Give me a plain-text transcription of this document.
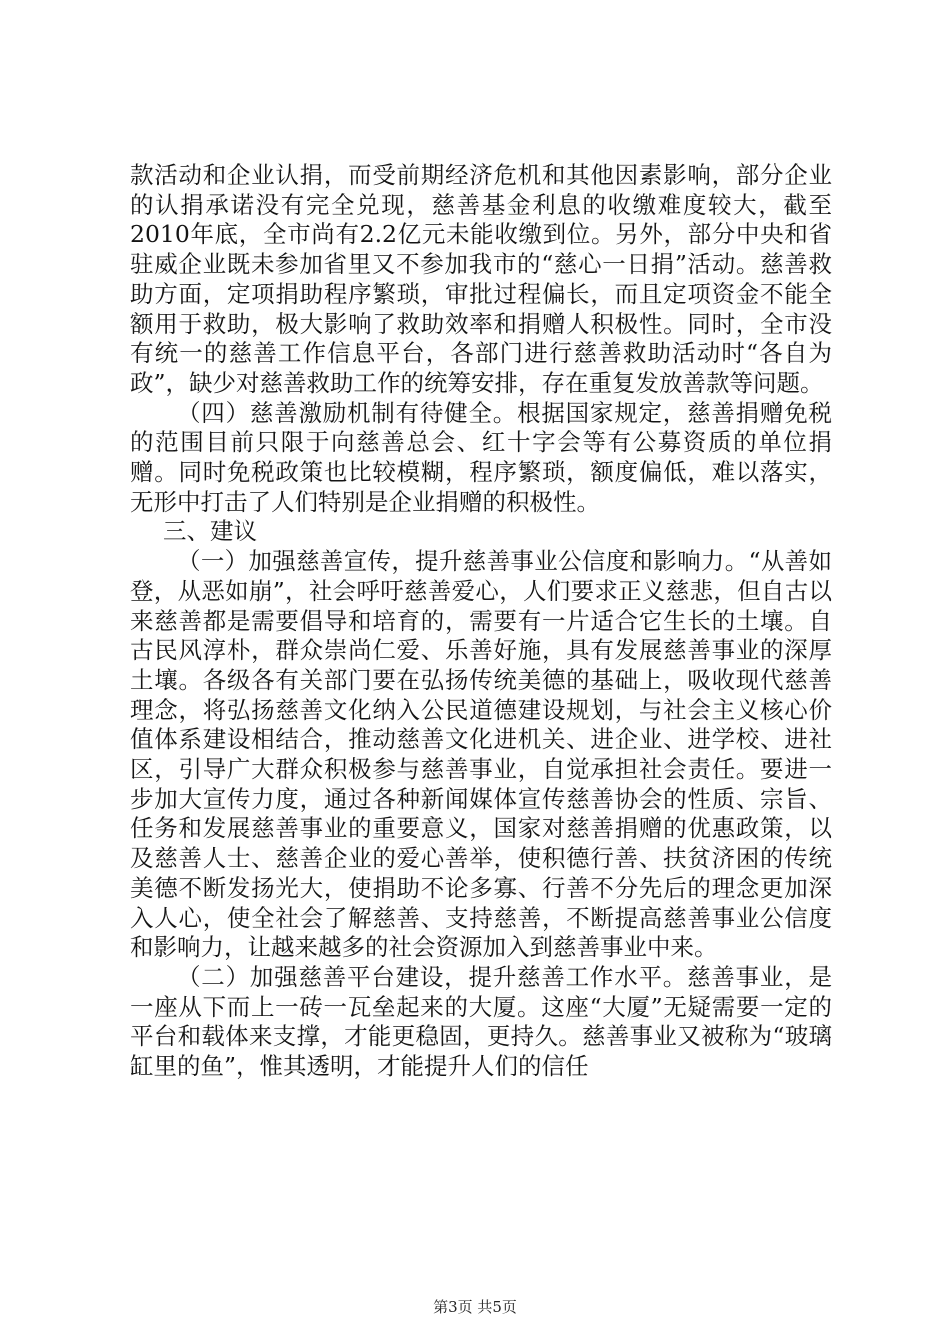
款活动和企业认捐，而受前期经济危机和其他因素影响，部分企业的认捐承诺没有完全兑现，慈善基金利息的收缴难度较大，截至2010年底，全市尚有2.2亿元未能收缴到位。另外，部分中央和省驻威企业既未参加省里又不参加我市的“慈心一日捐”活动。慈善救助方面，定项捐助程序繁琐，审批过程偏长，而且定项资金不能全额用于救助，极大影响了救助效率和捐赠人积极性。同时，全市没有统一的慈善工作信息平台，各部门进行慈善救助活动时“各自为政”，缺少对慈善救助工作的统筹安排，存在重复发放善款等问题。

（四）慈善激励机制有待健全。根据国家规定，慈善捐赠免税的范围目前只限于向慈善总会、红十字会等有公募资质的单位捐赠。同时免税政策也比较模糊，程序繁琐，额度偏低，难以落实，无形中打击了人们特别是企业捐赠的积极性。

三、建议

（一）加强慈善宣传，提升慈善事业公信度和影响力。“从善如登，从恶如崩”，社会呼吁慈善爱心，人们要求正义慈悲，但自古以来慈善都是需要倡导和培育的，需要有一片适合它生长的土壤。自古民风淳朴，群众崇尚仁爱、乐善好施，具有发展慈善事业的深厚土壤。各级各有关部门要在弘扬传统美德的基础上，吸收现代慈善理念，将弘扬慈善文化纳入公民道德建设规划，与社会主义核心价值体系建设相结合，推动慈善文化进机关、进企业、进学校、进社区，引导广大群众积极参与慈善事业，自觉承担社会责任。要进一步加大宣传力度，通过各种新闻媒体宣传慈善协会的性质、宗旨、任务和发展慈善事业的重要意义，国家对慈善捐赠的优惠政策，以及慈善人士、慈善企业的爱心善举，使积德行善、扶贫济困的传统美德不断发扬光大，使捐助不论多寡、行善不分先后的理念更加深入人心，使全社会了解慈善、支持慈善，不断提高慈善事业公信度和影响力，让越来越多的社会资源加入到慈善事业中来。

（二）加强慈善平台建设，提升慈善工作水平。慈善事业，是一座从下而上一砖一瓦垒起来的大厦。这座“大厦”无疑需要一定的平台和载体来支撑，才能更稳固，更持久。慈善事业又被称为“玻璃缸里的鱼”，惟其透明，才能提升人们的信任

第3页 共5页
